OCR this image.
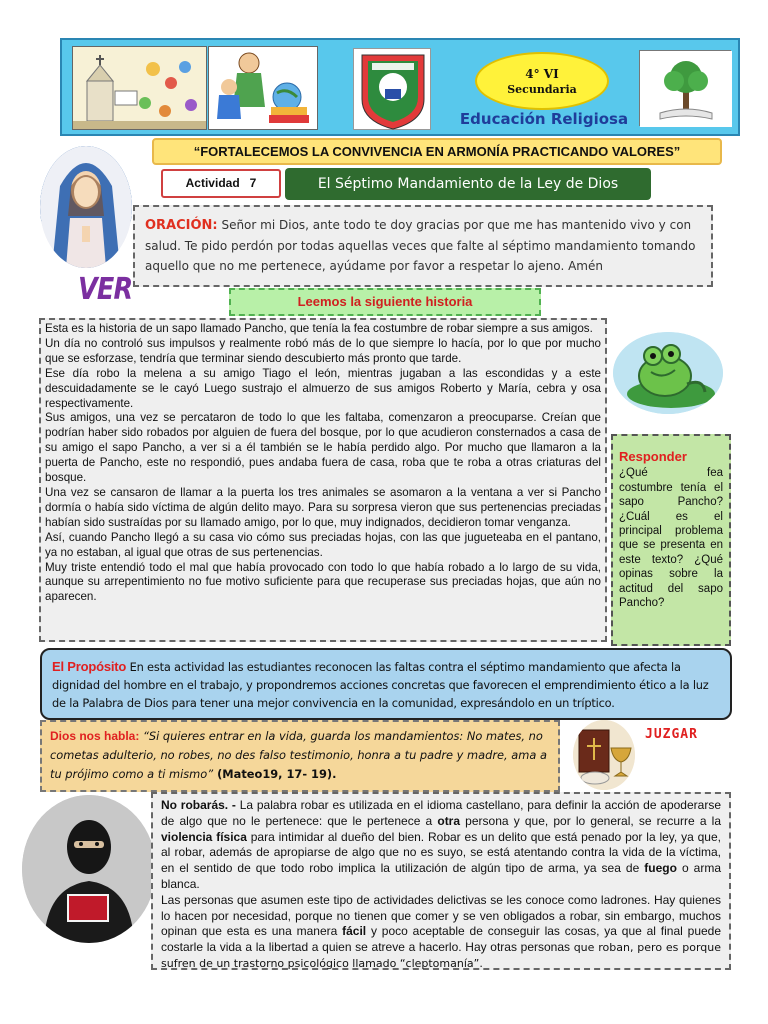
4° VI
Secundaria
Educación Religiosa
“FORTALECEMOS LA CONVIVENCIA EN ARMONÍA PRACTICANDO VALORES”
Actividad 7	El Séptimo Mandamiento de la Ley de Dios
VER
ORACIÓN: Señor mi Dios, ante todo te doy gracias por que me has mantenido vivo y con salud. Te pido perdón por todas aquellas veces que falte al séptimo mandamiento tomando aquello que no me pertenece, ayúdame por favor a respetar lo ajeno. Amén
Leemos la siguiente historia

Esta es la historia de un sapo llamado Pancho, que tenía la fea costumbre de robar siempre a sus amigos.

Un día no controló sus impulsos y realmente robó más de lo que siempre lo hacía, por lo que por mucho que se esforzase, tendría que terminar siendo descubierto más pronto que tarde.

Ese día robo la melena a su amigo Tiago el león, mientras jugaban a las escondidas y a este descuidadamente se le cayó Luego sustrajo el almuerzo de sus amigos Roberto y María, cebra y osa respectivamente.

Sus amigos, una vez se percataron de todo lo que les faltaba, comenzaron a preocuparse. Creían que podrían haber sido robados por alguien de fuera del bosque, por lo que acudieron consternados a casa de su amigo el sapo Pancho, a ver si a él también se le había perdido algo. Por mucho que llamaron a la puerta de Pancho, este no respondió, pues andaba fuera de casa, roba que te roba a otras criaturas del bosque.

Una vez se cansaron de llamar a la puerta los tres animales se asomaron a la ventana a ver si Pancho dormía o había sido víctima de algún delito mayo. Para su sorpresa vieron que sus pertenencias preciadas habían sido sustraídas por su llamado amigo, por lo que, muy indignados, decidieron tomar venganza.

Así, cuando Pancho llegó a su casa vio cómo sus preciadas hojas, con las que jugueteaba en el pantano, ya no estaban, al igual que otras de sus pertenencias.

Muy triste entendió todo el mal que había provocado con todo lo que había robado a lo largo de su vida, aunque su arrepentimiento no fue motivo suficiente para que recuperase sus preciadas hojas, que aún no aparecen.

Responder
¿Qué fea costumbre tenía el sapo Pancho? ¿Cuál es el principal problema que se presenta en este texto? ¿Qué opinas sobre la actitud del sapo Pancho?
El Propósito En esta actividad las estudiantes reconocen las faltas contra el séptimo mandamiento que afecta la dignidad del hombre en el trabajo, y propondremos acciones concretas que favorecen el emprendimiento ético a la luz de la Palabra de Dios para tener una mejor convivencia en la comunidad, expresándolo en un tríptico.
Dios nos habla: “Si quieres entrar en la vida, guarda los mandamientos: No mates, no cometas adulterio, no robes, no des falso testimonio, honra a tu padre y madre, ama a tu prójimo como a ti mismo” (Mateo19, 17- 19).
JUZGAR
No robarás. - La palabra robar es utilizada en el idioma castellano, para definir la acción de apoderarse de algo que no le pertenece: que le pertenece a otra persona y que, por lo general, se recurre a la violencia física para intimidar al dueño del bien. Robar es un delito que está penado por la ley, ya que, al robar, además de apropiarse de algo que no es suyo, se está atentando contra la vida de la víctima, en el sentido de que todo robo implica la utilización de algún tipo de arma, ya sea de fuego o arma blanca.
Las personas que asumen este tipo de actividades delictivas se les conoce como ladrones. Hay quienes lo hacen por necesidad, porque no tienen que comer y se ven obligados a robar, sin embargo, muchos opinan que esta es una manera fácil y poco aceptable de conseguir las cosas, ya que al final puede costarle la vida a la libertad a quien se atreve a hacerlo. Hay otras personas que roban, pero es porque sufren de un trastorno psicológico llamado “cleptomanía”.
